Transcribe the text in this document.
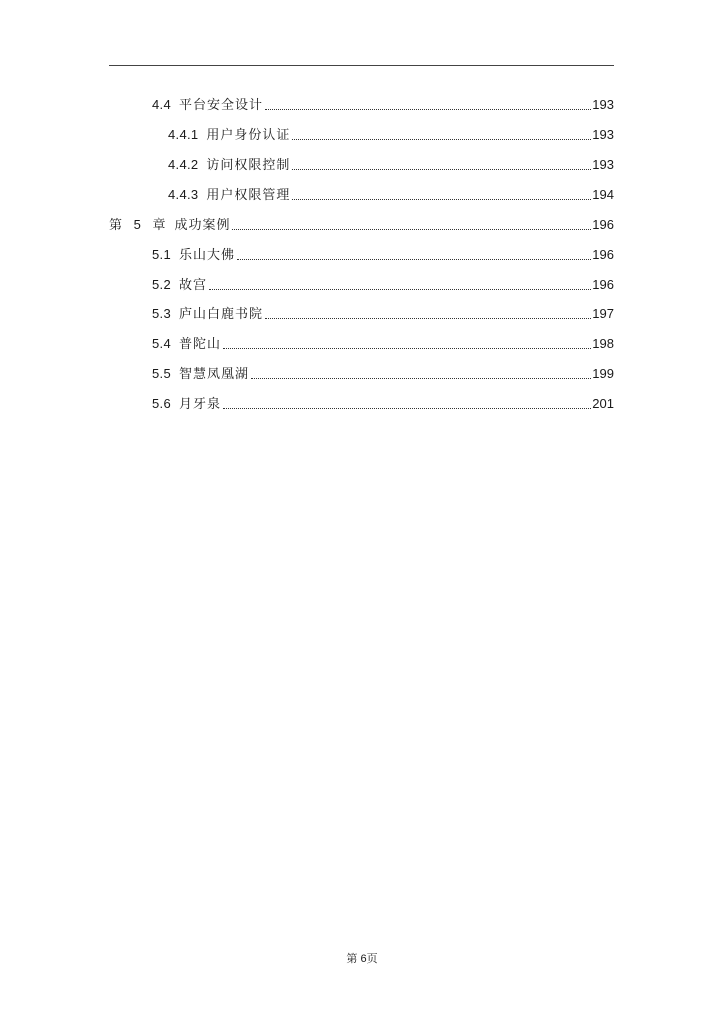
4.4 平台安全设计	193
4.4.1 用户身份认证	193
4.4.2 访问权限控制	193
4.4.3 用户权限管理	194
第 5 章 成功案例	196
5.1 乐山大佛	196
5.2 故宫	196
5.3 庐山白鹿书院	197
5.4 普陀山	198
5.5 智慧凤凰湖	199
5.6 月牙泉	201
第 6页
